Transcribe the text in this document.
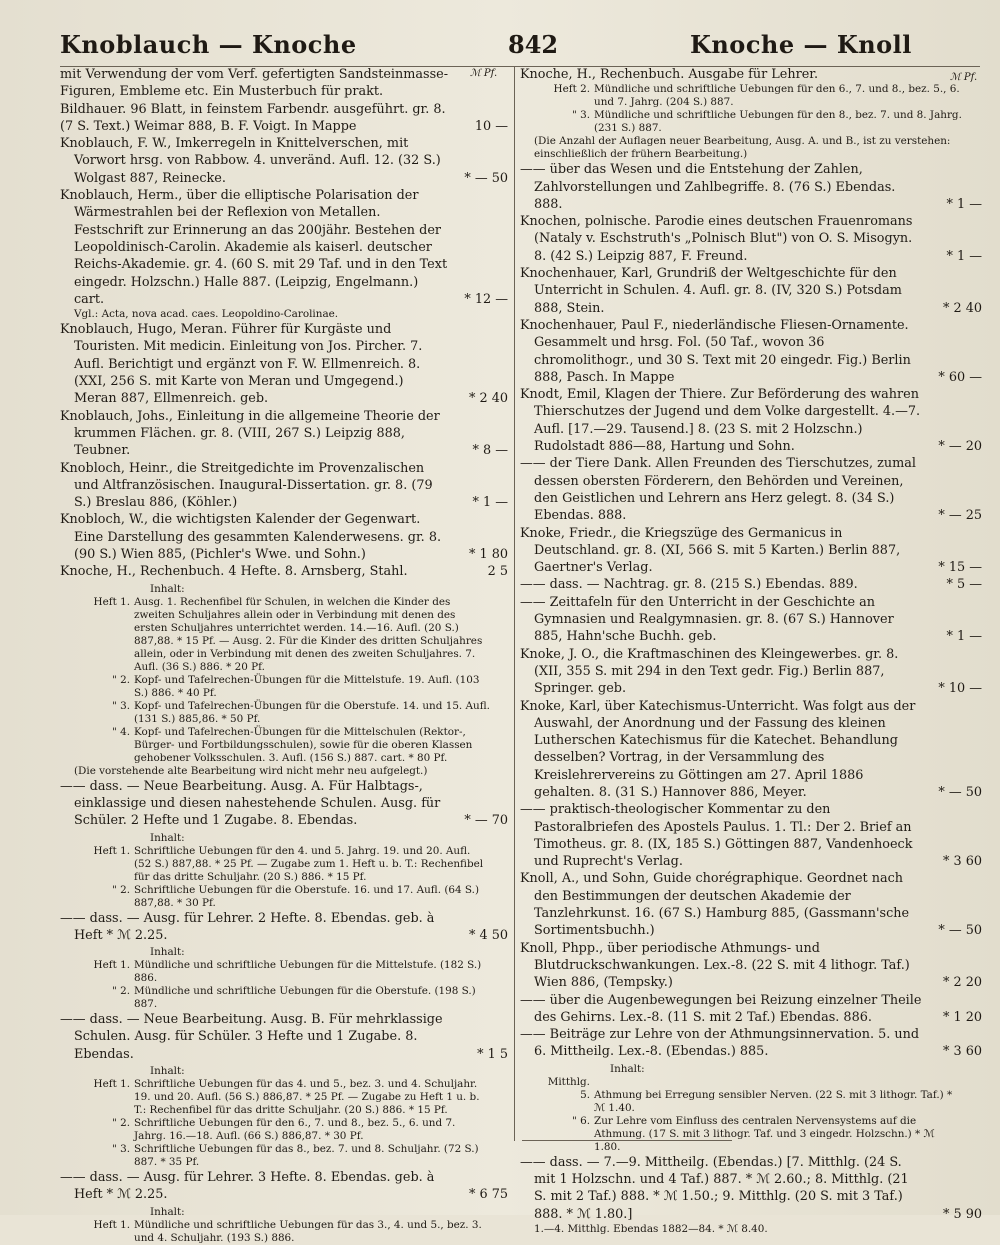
Knoblauch — Knoche	842	Knoche — Knoll
ℳ Pf.	ℳ Pf.
mit Verwendung der vom Verf. gefertigten Sandsteinmasse-Figuren, Embleme etc. Ein Musterbuch für prakt. Bildhauer. 96 Blatt, in feinstem Farbendr. ausgeführt. gr. 8. (7 S. Text.) Weimar 888, B. F. Voigt. In Mappe	10 —
Knoblauch, F. W., Imkerregeln in Knittelverschen, mit Vorwort hrsg. von Rabbow. 4. unveränd. Aufl. 12. (32 S.) Wolgast 887, Reinecke.	* — 50
Knoblauch, Herm., über die elliptische Polarisation der Wärmestrahlen bei der Reflexion von Metallen. Festschrift zur Erinnerung an das 200jähr. Bestehen der Leopoldinisch-Carolin. Akademie als kaiserl. deutscher Reichs-Akademie. gr. 4. (60 S. mit 29 Taf. und in den Text eingedr. Holzschn.) Halle 887. (Leipzig, Engelmann.) cart.	* 12 —
Vgl.: Acta, nova acad. caes. Leopoldino-Carolinae.
Knoblauch, Hugo, Meran. Führer für Kurgäste und Touristen. Mit medicin. Einleitung von Jos. Pircher. 7. Aufl. Berichtigt und ergänzt von F. W. Ellmenreich. 8. (XXI, 256 S. mit Karte von Meran und Umgegend.) Meran 887, Ellmenreich. geb.	* 2 40
Knoblauch, Johs., Einleitung in die allgemeine Theorie der krummen Flächen. gr. 8. (VIII, 267 S.) Leipzig 888, Teubner.	* 8 —
Knobloch, Heinr., die Streitgedichte im Provenzalischen und Altfranzösischen. Inaugural-Dissertation. gr. 8. (79 S.) Breslau 886, (Köhler.)	* 1 —
Knobloch, W., die wichtigsten Kalender der Gegenwart. Eine Darstellung des gesammten Kalenderwesens. gr. 8. (90 S.) Wien 885, (Pichler's Wwe. und Sohn.)	* 1 80
Knoche, H., Rechenbuch. 4 Hefte. 8. Arnsberg, Stahl.	2 5
Inhalt:
Heft 1. Ausg. 1. Rechenfibel für Schulen, in welchen die Kinder des zweiten Schuljahres allein oder in Verbindung mit denen des ersten Schuljahres unterrichtet werden. 14.—16. Aufl. (20 S.) 887,88. * 15 Pf. — Ausg. 2. Für die Kinder des dritten Schuljahres allein, oder in Verbindung mit denen des zweiten Schuljahres. 7. Aufl. (36 S.) 886. * 20 Pf.
" 2. Kopf- und Tafelrechen-Übungen für die Mittelstufe. 19. Aufl. (103 S.) 886. * 40 Pf.
" 3. Kopf- und Tafelrechen-Übungen für die Oberstufe. 14. und 15. Aufl. (131 S.) 885,86. * 50 Pf.
" 4. Kopf- und Tafelrechen-Übungen für die Mittelschulen (Rektor-, Bürger- und Fortbildungsschulen), sowie für die oberen Klassen gehobener Volksschulen. 3. Aufl. (156 S.) 887. cart. * 80 Pf.
(Die vorstehende alte Bearbeitung wird nicht mehr neu aufgelegt.)
—— dass. — Neue Bearbeitung. Ausg. A. Für Halbtags-, einklassige und diesen nahestehende Schulen. Ausg. für Schüler. 2 Hefte und 1 Zugabe. 8. Ebendas.	* — 70
Inhalt:
Heft 1. Schriftliche Uebungen für den 4. und 5. Jahrg. 19. und 20. Aufl. (52 S.) 887,88. * 25 Pf. — Zugabe zum 1. Heft u. b. T.: Rechenfibel für das dritte Schuljahr. (20 S.) 886. * 15 Pf.
" 2. Schriftliche Uebungen für die Oberstufe. 16. und 17. Aufl. (64 S.) 887,88. * 30 Pf.
—— dass. — Ausg. für Lehrer. 2 Hefte. 8. Ebendas. geb. à Heft * ℳ 2.25.	* 4 50
Inhalt:
Heft 1. Mündliche und schriftliche Uebungen für die Mittelstufe. (182 S.) 886.
" 2. Mündliche und schriftliche Uebungen für die Oberstufe. (198 S.) 887.
—— dass. — Neue Bearbeitung. Ausg. B. Für mehrklassige Schulen. Ausg. für Schüler. 3 Hefte und 1 Zugabe. 8. Ebendas.	* 1 5
Inhalt:
Heft 1. Schriftliche Uebungen für das 4. und 5., bez. 3. und 4. Schuljahr. 19. und 20. Aufl. (56 S.) 886,87. * 25 Pf. — Zugabe zu Heft 1 u. b. T.: Rechenfibel für das dritte Schuljahr. (20 S.) 886. * 15 Pf.
" 2. Schriftliche Uebungen für den 6., 7. und 8., bez. 5., 6. und 7. Jahrg. 16.—18. Aufl. (66 S.) 886,87. * 30 Pf.
" 3. Schriftliche Uebungen für das 8., bez. 7. und 8. Schuljahr. (72 S.) 887. * 35 Pf.
—— dass. — Ausg. für Lehrer. 3 Hefte. 8. Ebendas. geb. à Heft * ℳ 2.25.	* 6 75
Inhalt:
Heft 1. Mündliche und schriftliche Uebungen für das 3., 4. und 5., bez. 3. und 4. Schuljahr. (193 S.) 886.
Knoche, H., Rechenbuch. Ausgabe für Lehrer.
Heft 2. Mündliche und schriftliche Uebungen für den 6., 7. und 8., bez. 5., 6. und 7. Jahrg. (204 S.) 887.
" 3. Mündliche und schriftliche Uebungen für den 8., bez. 7. und 8. Jahrg. (231 S.) 887.
(Die Anzahl der Auflagen neuer Bearbeitung, Ausg. A. und B., ist zu verstehen: einschließlich der frühern Bearbeitung.)
—— über das Wesen und die Entstehung der Zahlen, Zahlvorstellungen und Zahlbegriffe. 8. (76 S.) Ebendas. 888.	* 1 —
Knochen, polnische. Parodie eines deutschen Frauenromans (Nataly v. Eschstruth's „Polnisch Blut") von O. S. Misogyn. 8. (42 S.) Leipzig 887, F. Freund.	* 1 —
Knochenhauer, Karl, Grundriß der Weltgeschichte für den Unterricht in Schulen. 4. Aufl. gr. 8. (IV, 320 S.) Potsdam 888, Stein.	* 2 40
Knochenhauer, Paul F., niederländische Fliesen-Ornamente. Gesammelt und hrsg. Fol. (50 Taf., wovon 36 chromolithogr., und 30 S. Text mit 20 eingedr. Fig.) Berlin 888, Pasch. In Mappe	* 60 —
Knodt, Emil, Klagen der Thiere. Zur Beförderung des wahren Thierschutzes der Jugend und dem Volke dargestellt. 4.—7. Aufl. [17.—29. Tausend.] 8. (23 S. mit 2 Holzschn.) Rudolstadt 886—88, Hartung und Sohn.	* — 20
—— der Tiere Dank. Allen Freunden des Tierschutzes, zumal dessen obersten Förderern, den Behörden und Vereinen, den Geistlichen und Lehrern ans Herz gelegt. 8. (34 S.) Ebendas. 888.	* — 25
Knoke, Friedr., die Kriegszüge des Germanicus in Deutschland. gr. 8. (XI, 566 S. mit 5 Karten.) Berlin 887, Gaertner's Verlag.	* 15 —
—— dass. — Nachtrag. gr. 8. (215 S.) Ebendas. 889.	* 5 —
—— Zeittafeln für den Unterricht in der Geschichte an Gymnasien und Realgymnasien. gr. 8. (67 S.) Hannover 885, Hahn'sche Buchh. geb.	* 1 —
Knoke, J. O., die Kraftmaschinen des Kleingewerbes. gr. 8. (XII, 355 S. mit 294 in den Text gedr. Fig.) Berlin 887, Springer. geb.	* 10 —
Knoke, Karl, über Katechismus-Unterricht. Was folgt aus der Auswahl, der Anordnung und der Fassung des kleinen Lutherschen Katechismus für die Katechet. Behandlung desselben? Vortrag, in der Versammlung des Kreislehrervereins zu Göttingen am 27. April 1886 gehalten. 8. (31 S.) Hannover 886, Meyer.	* — 50
—— praktisch-theologischer Kommentar zu den Pastoralbriefen des Apostels Paulus. 1. Tl.: Der 2. Brief an Timotheus. gr. 8. (IX, 185 S.) Göttingen 887, Vandenhoeck und Ruprecht's Verlag.	* 3 60
Knoll, A., und Sohn, Guide chorégraphique. Geordnet nach den Bestimmungen der deutschen Akademie der Tanzlehrkunst. 16. (67 S.) Hamburg 885, (Gassmann'sche Sortimentsbuchh.)	* — 50
Knoll, Phpp., über periodische Athmungs- und Blutdruckschwankungen. Lex.-8. (22 S. mit 4 lithogr. Taf.) Wien 886, (Tempsky.)	* 2 20
—— über die Augenbewegungen bei Reizung einzelner Theile des Gehirns. Lex.-8. (11 S. mit 2 Taf.) Ebendas. 886.	* 1 20
—— Beiträge zur Lehre von der Athmungsinnervation. 5. und 6. Mittheilg. Lex.-8. (Ebendas.) 885.	* 3 60
Inhalt:
Mitthlg. 5. Athmung bei Erregung sensibler Nerven. (22 S. mit 3 lithogr. Taf.) * ℳ 1.40.
" 6. Zur Lehre vom Einfluss des centralen Nervensystems auf die Athmung. (17 S. mit 3 lithogr. Taf. und 3 eingedr. Holzschn.) * ℳ 1.80.
—— dass. — 7.—9. Mittheilg. (Ebendas.) [7. Mitthlg. (24 S. mit 1 Holzschn. und 4 Taf.) 887. * ℳ 2.60.; 8. Mitthlg. (21 S. mit 2 Taf.) 888. * ℳ 1.50.; 9. Mitthlg. (20 S. mit 3 Taf.) 888. * ℳ 1.80.]	* 5 90
1.—4. Mitthlg. Ebendas 1882—84. * ℳ 8.40.
